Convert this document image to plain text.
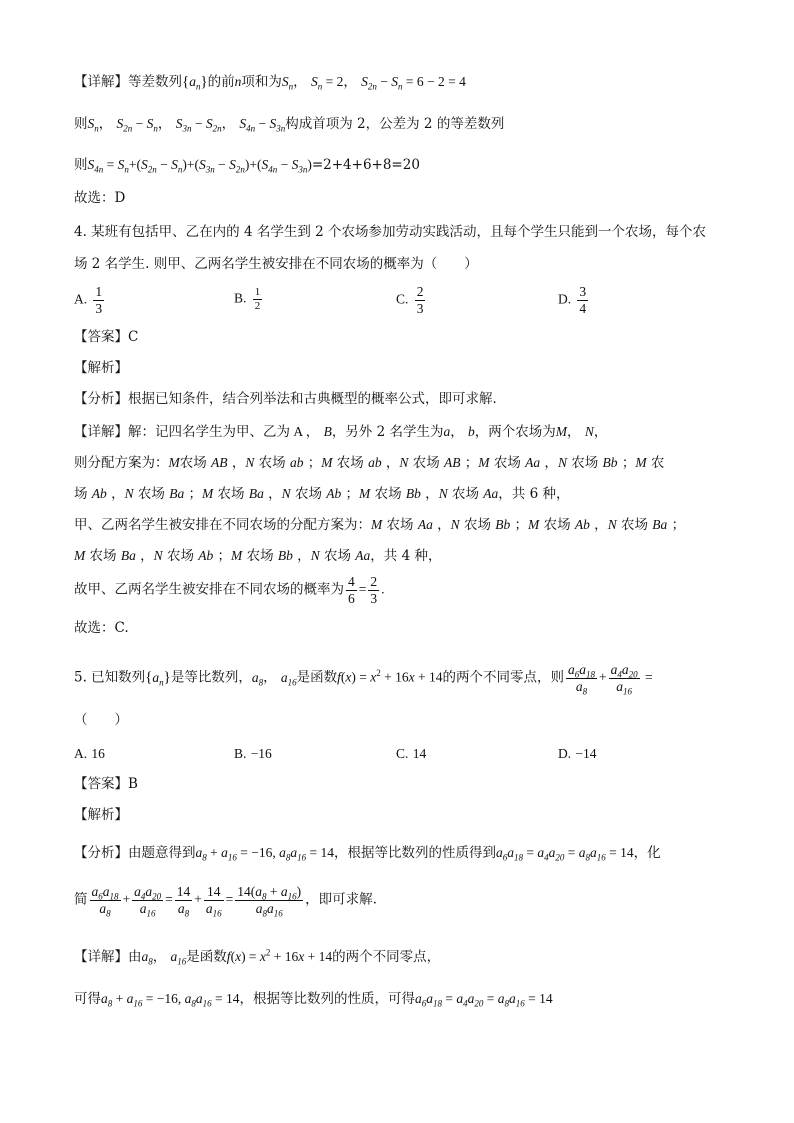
【详解】等差数列$\{a_n\}$的前n项和为$S_n$， $S_n = 2$， $S_{2n} - S_n = 6 - 2 = 4$
则$S_n$， $S_{2n} - S_n$， $S_{3n} - S_{2n}$， $S_{4n} - S_{3n}$构成首项为 2，公差为 2 的等差数列
则$S_{4n} = S_n+(S_{2n} - S_n)+(S_{3n} - S_{2n})+(S_{4n} - S_{3n})=2+4+6+8=20$
故选：D
4. 某班有包括甲、乙在内的 4 名学生到 2 个农场参加劳动实践活动，且每个学生只能到一个农场，每个农
场 2 名学生. 则甲、乙两名学生被安排在不同农场的概率为（　　）
A. $\frac{1}{3}$	B. $\frac{1}{2}$	C. $\frac{2}{3}$	D. $\frac{3}{4}$
【答案】C
【解析】
【分析】根据已知条件，结合列举法和古典概型的概率公式，即可求解．
【详解】解：记四名学生为甲、乙为 A ， B，另外 2 名学生为a， b，两个农场为M， N，
则分配方案为：M农场 AB ，N 农场 ab ；M 农场 ab ，N 农场 AB ；M 农场 Aa ，N 农场 Bb ；M 农
场 Ab ，N 农场 Ba ；M 农场 Ba ，N 农场 Ab ；M 农场 Bb ，N 农场 Aa，共 6 种，
甲、乙两名学生被安排在不同农场的分配方案为：M 农场 Aa ，N 农场 Bb ；M 农场 Ab ，N 农场 Ba ；
M 农场 Ba ，N 农场 Ab ；M 农场 Bb ，N 农场 Aa，共 4 种，
故甲、乙两名学生被安排在不同农场的概率为 $\frac{4}{6} = \frac{2}{3}$ .
故选：C.
5. 已知数列$\{a_n\}$是等比数列，$a_8$， $a_{16}$是函数$f(x) = x^2 + 16x + 14$的两个不同零点，则 $\frac{a_6a_{18}}{a_8} + \frac{a_4a_{20}}{a_{16}}$ =
（　　）
A. 16	B. −16	C. 14	D. −14
【答案】B
【解析】
【分析】由题意得到$a_8 + a_{16} = -16$, $a_8a_{16} = 14$，根据等比数列的性质得到$a_6a_{18} = a_4a_{20} = a_8a_{16} = 14$，化
简 $\frac{a_6a_{18}}{a_8} + \frac{a_4a_{20}}{a_{16}} = \frac{14}{a_8} + \frac{14}{a_{16}} = \frac{14(a_8 + a_{16})}{a_8a_{16}}$ ，即可求解.
【详解】由$a_8$， $a_{16}$是函数$f(x) = x^2 + 16x + 14$的两个不同零点，
可得$a_8 + a_{16} = -16$, $a_8a_{16} = 14$，根据等比数列的性质，可得$a_6a_{18} = a_4a_{20} = a_8a_{16} = 14$
